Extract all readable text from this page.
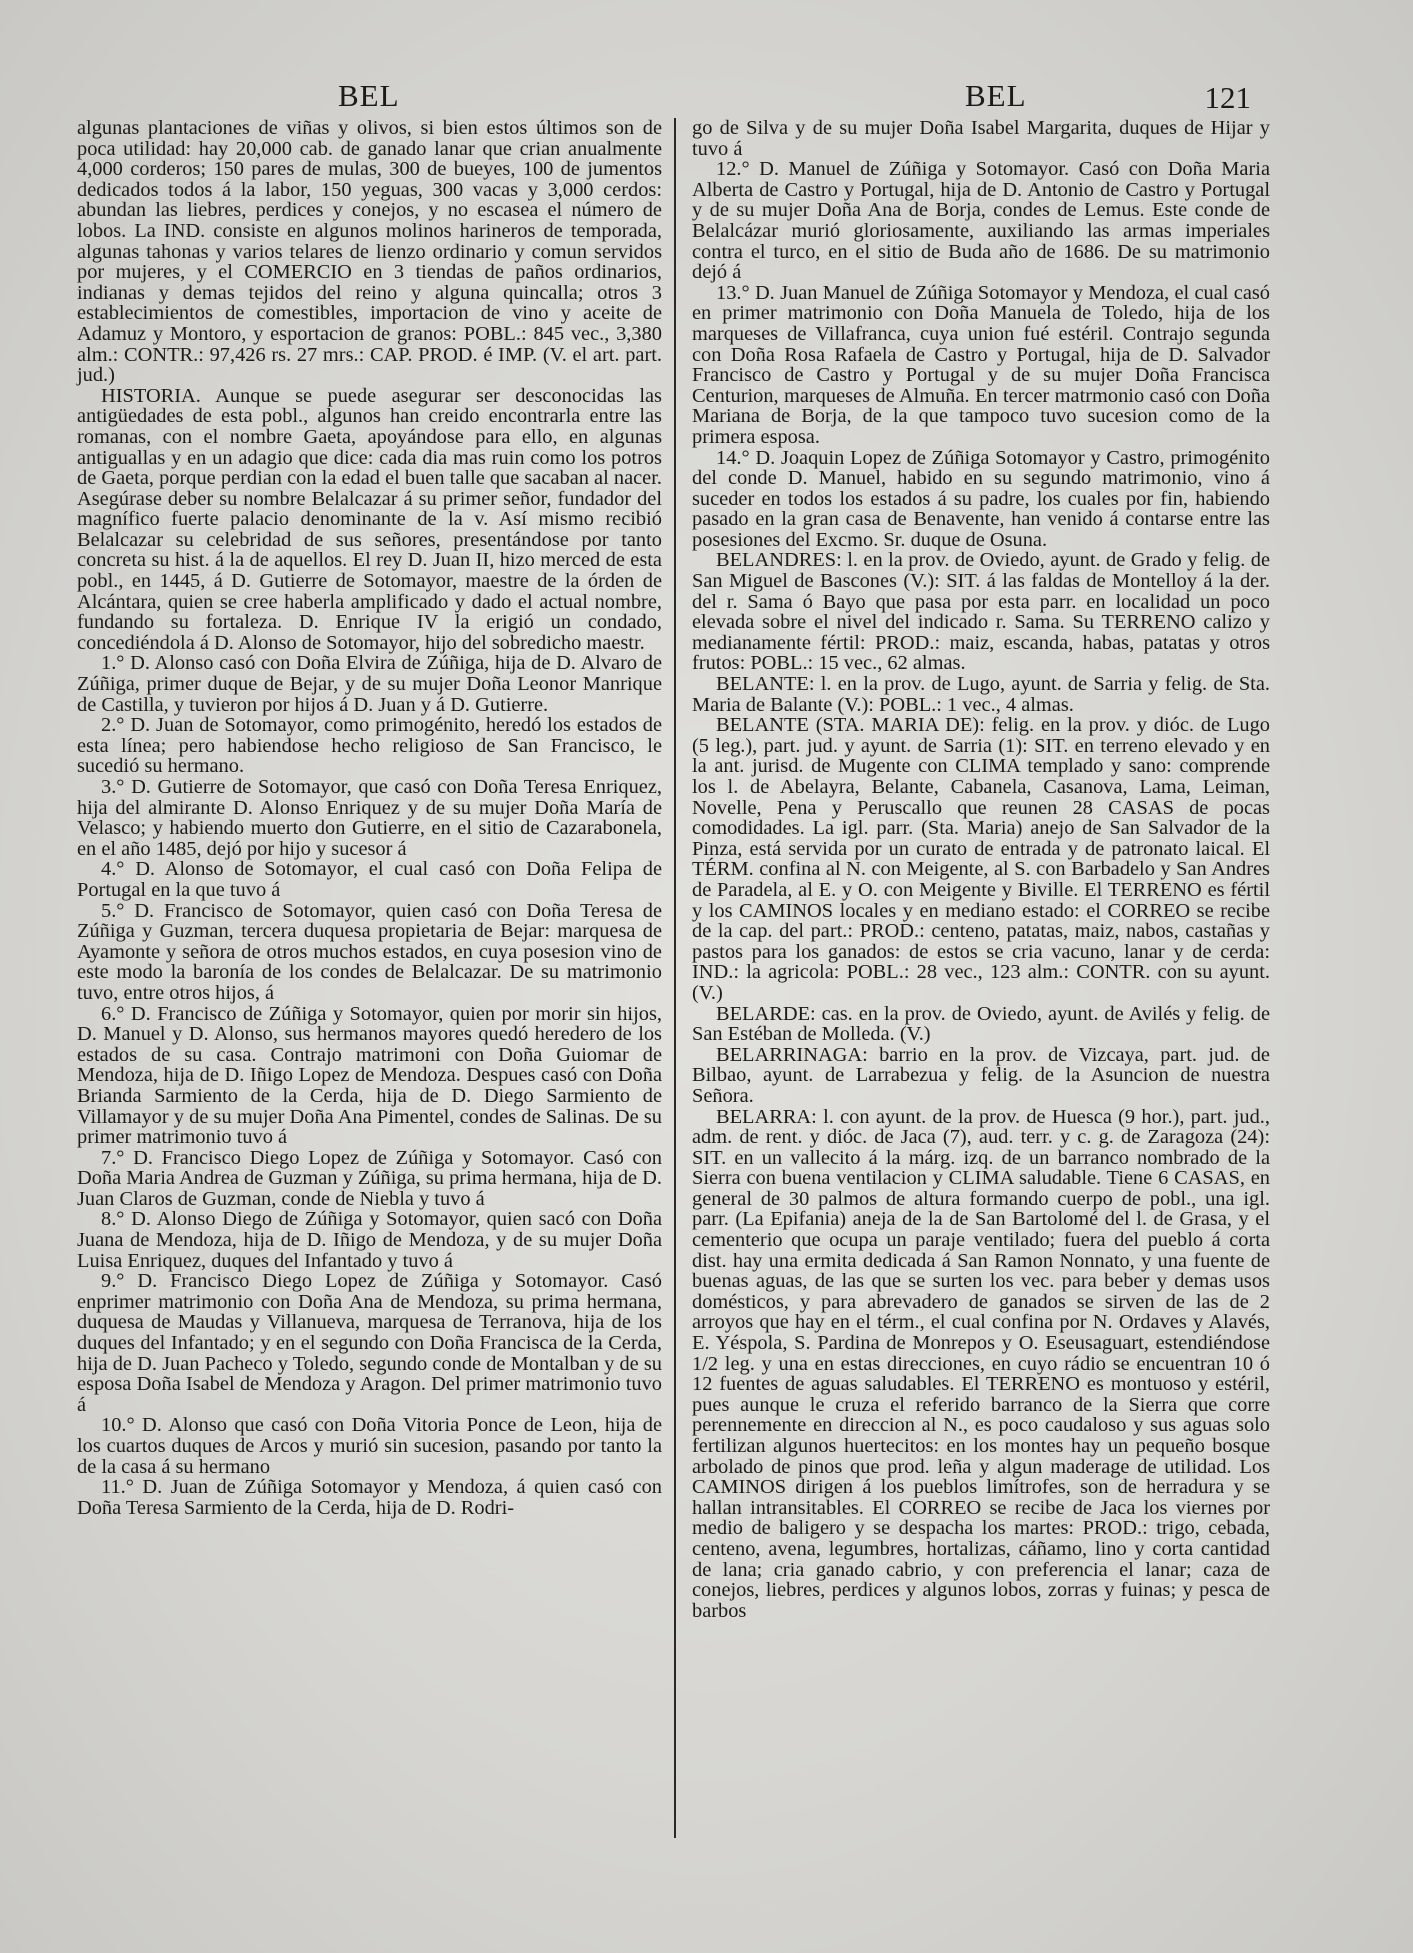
BEL	BEL	121

algunas plantaciones de viñas y olivos, si bien estos últimos son de poca utilidad: hay 20,000 cab. de ganado lanar que crian anualmente 4,000 corderos; 150 pares de mulas, 300 de bueyes, 100 de jumentos dedicados todos á la labor, 150 yeguas, 300 vacas y 3,000 cerdos: abundan las liebres, perdices y conejos, y no escasea el número de lobos. La IND. consiste en algunos molinos harineros de temporada, algunas tahonas y varios telares de lienzo ordinario y comun servidos por mujeres, y el COMERCIO en 3 tiendas de paños ordinarios, indianas y demas tejidos del reino y alguna quincalla; otros 3 establecimientos de comestibles, importacion de vino y aceite de Adamuz y Montoro, y esportacion de granos: POBL.: 845 vec., 3,380 alm.: CONTR.: 97,426 rs. 27 mrs.: CAP. PROD. é IMP. (V. el art. part. jud.)

HISTORIA. Aunque se puede asegurar ser desconocidas las antigüedades de esta pobl., algunos han creido encontrarla entre las romanas, con el nombre Gaeta, apoyándose para ello, en algunas antiguallas y en un adagio que dice: cada dia mas ruin como los potros de Gaeta, porque perdian con la edad el buen talle que sacaban al nacer. Asegúrase deber su nombre Belalcazar á su primer señor, fundador del magnífico fuerte palacio denominante de la v. Así mismo recibió Belalcazar su celebridad de sus señores, presentándose por tanto concreta su hist. á la de aquellos. El rey D. Juan II, hizo merced de esta pobl., en 1445, á D. Gutierre de Sotomayor, maestre de la órden de Alcántara, quien se cree haberla amplificado y dado el actual nombre, fundando su fortaleza. D. Enrique IV la erigió un condado, concediéndola á D. Alonso de Sotomayor, hijo del sobredicho maestr.

1.° D. Alonso casó con Doña Elvira de Zúñiga, hija de D. Alvaro de Zúñiga, primer duque de Bejar, y de su mujer Doña Leonor Manrique de Castilla, y tuvieron por hijos á D. Juan y á D. Gutierre.

2.° D. Juan de Sotomayor, como primogénito, heredó los estados de esta línea; pero habiendose hecho religioso de San Francisco, le sucedió su hermano.

3.° D. Gutierre de Sotomayor, que casó con Doña Teresa Enriquez, hija del almirante D. Alonso Enriquez y de su mujer Doña María de Velasco; y habiendo muerto don Gutierre, en el sitio de Cazarabonela, en el año 1485, dejó por hijo y sucesor á

4.° D. Alonso de Sotomayor, el cual casó con Doña Felipa de Portugal en la que tuvo á

5.° D. Francisco de Sotomayor, quien casó con Doña Teresa de Zúñiga y Guzman, tercera duquesa propietaria de Bejar: marquesa de Ayamonte y señora de otros muchos estados, en cuya posesion vino de este modo la baronía de los condes de Belalcazar. De su matrimonio tuvo, entre otros hijos, á

6.° D. Francisco de Zúñiga y Sotomayor, quien por morir sin hijos, D. Manuel y D. Alonso, sus hermanos mayores quedó heredero de los estados de su casa. Contrajo matrimoni con Doña Guiomar de Mendoza, hija de D. Iñigo Lopez de Mendoza. Despues casó con Doña Brianda Sarmiento de la Cerda, hija de D. Diego Sarmiento de Villamayor y de su mujer Doña Ana Pimentel, condes de Salinas. De su primer matrimonio tuvo á

7.° D. Francisco Diego Lopez de Zúñiga y Sotomayor. Casó con Doña Maria Andrea de Guzman y Zúñiga, su prima hermana, hija de D. Juan Claros de Guzman, conde de Niebla y tuvo á

8.° D. Alonso Diego de Zúñiga y Sotomayor, quien sacó con Doña Juana de Mendoza, hija de D. Iñigo de Mendoza, y de su mujer Doña Luisa Enriquez, duques del Infantado y tuvo á

9.° D. Francisco Diego Lopez de Zúñiga y Sotomayor. Casó enprimer matrimonio con Doña Ana de Mendoza, su prima hermana, duquesa de Maudas y Villanueva, marquesa de Terranova, hija de los duques del Infantado; y en el segundo con Doña Francisca de la Cerda, hija de D. Juan Pacheco y Toledo, segundo conde de Montalban y de su esposa Doña Isabel de Mendoza y Aragon. Del primer matrimonio tuvo á

10.° D. Alonso que casó con Doña Vitoria Ponce de Leon, hija de los cuartos duques de Arcos y murió sin sucesion, pasando por tanto la de la casa á su hermano

11.° D. Juan de Zúñiga Sotomayor y Mendoza, á quien casó con Doña Teresa Sarmiento de la Cerda, hija de D. Rodri-

go de Silva y de su mujer Doña Isabel Margarita, duques de Hijar y tuvo á

12.° D. Manuel de Zúñiga y Sotomayor. Casó con Doña Maria Alberta de Castro y Portugal, hija de D. Antonio de Castro y Portugal y de su mujer Doña Ana de Borja, condes de Lemus. Este conde de Belalcázar murió gloriosamente, auxiliando las armas imperiales contra el turco, en el sitio de Buda año de 1686. De su matrimonio dejó á

13.° D. Juan Manuel de Zúñiga Sotomayor y Mendoza, el cual casó en primer matrimonio con Doña Manuela de Toledo, hija de los marqueses de Villafranca, cuya union fué estéril. Contrajo segunda con Doña Rosa Rafaela de Castro y Portugal, hija de D. Salvador Francisco de Castro y Portugal y de su mujer Doña Francisca Centurion, marqueses de Almuña. En tercer matrmonio casó con Doña Mariana de Borja, de la que tampoco tuvo sucesion como de la primera esposa.

14.° D. Joaquin Lopez de Zúñiga Sotomayor y Castro, primogénito del conde D. Manuel, habido en su segundo matrimonio, vino á suceder en todos los estados á su padre, los cuales por fin, habiendo pasado en la gran casa de Benavente, han venido á contarse entre las posesiones del Excmo. Sr. duque de Osuna.

BELANDRES: l. en la prov. de Oviedo, ayunt. de Grado y felig. de San Miguel de Bascones (V.): SIT. á las faldas de Montelloy á la der. del r. Sama ó Bayo que pasa por esta parr. en localidad un poco elevada sobre el nivel del indicado r. Sama. Su TERRENO calizo y medianamente fértil: PROD.: maiz, escanda, habas, patatas y otros frutos: POBL.: 15 vec., 62 almas.

BELANTE: l. en la prov. de Lugo, ayunt. de Sarria y felig. de Sta. Maria de Balante (V.): POBL.: 1 vec., 4 almas.

BELANTE (STA. MARIA DE): felig. en la prov. y dióc. de Lugo (5 leg.), part. jud. y ayunt. de Sarria (1): SIT. en terreno elevado y en la ant. jurisd. de Mugente con CLIMA templado y sano: comprende los l. de Abelayra, Belante, Cabanela, Casanova, Lama, Leiman, Novelle, Pena y Peruscallo que reunen 28 CASAS de pocas comodidades. La igl. parr. (Sta. Maria) anejo de San Salvador de la Pinza, está servida por un curato de entrada y de patronato laical. El TÉRM. confina al N. con Meigente, al S. con Barbadelo y San Andres de Paradela, al E. y O. con Meigente y Biville. El TERRENO es fértil y los CAMINOS locales y en mediano estado: el CORREO se recibe de la cap. del part.: PROD.: centeno, patatas, maiz, nabos, castañas y pastos para los ganados: de estos se cria vacuno, lanar y de cerda: IND.: la agricola: POBL.: 28 vec., 123 alm.: CONTR. con su ayunt. (V.)

BELARDE: cas. en la prov. de Oviedo, ayunt. de Avilés y felig. de San Estéban de Molleda. (V.)

BELARRINAGA: barrio en la prov. de Vizcaya, part. jud. de Bilbao, ayunt. de Larrabezua y felig. de la Asuncion de nuestra Señora.

BELARRA: l. con ayunt. de la prov. de Huesca (9 hor.), part. jud., adm. de rent. y dióc. de Jaca (7), aud. terr. y c. g. de Zaragoza (24): SIT. en un vallecito á la márg. izq. de un barranco nombrado de la Sierra con buena ventilacion y CLIMA saludable. Tiene 6 CASAS, en general de 30 palmos de altura formando cuerpo de pobl., una igl. parr. (La Epifania) aneja de la de San Bartolomé del l. de Grasa, y el cementerio que ocupa un paraje ventilado; fuera del pueblo á corta dist. hay una ermita dedicada á San Ramon Nonnato, y una fuente de buenas aguas, de las que se surten los vec. para beber y demas usos domésticos, y para abrevadero de ganados se sirven de las de 2 arroyos que hay en el térm., el cual confina por N. Ordaves y Alavés, E. Yéspola, S. Pardina de Monrepos y O. Eseusaguart, estendiéndose 1/2 leg. y una en estas direcciones, en cuyo rádio se encuentran 10 ó 12 fuentes de aguas saludables. El TERRENO es montuoso y estéril, pues aunque le cruza el referido barranco de la Sierra que corre perennemente en direccion al N., es poco caudaloso y sus aguas solo fertilizan algunos huertecitos: en los montes hay un pequeño bosque arbolado de pinos que prod. leña y algun maderage de utilidad. Los CAMINOS dirigen á los pueblos limítrofes, son de herradura y se hallan intransitables. El CORREO se recibe de Jaca los viernes por medio de baligero y se despacha los martes: PROD.: trigo, cebada, centeno, avena, legumbres, hortalizas, cáñamo, lino y corta cantidad de lana; cria ganado cabrio, y con preferencia el lanar; caza de conejos, liebres, perdices y algunos lobos, zorras y fuinas; y pesca de barbos
